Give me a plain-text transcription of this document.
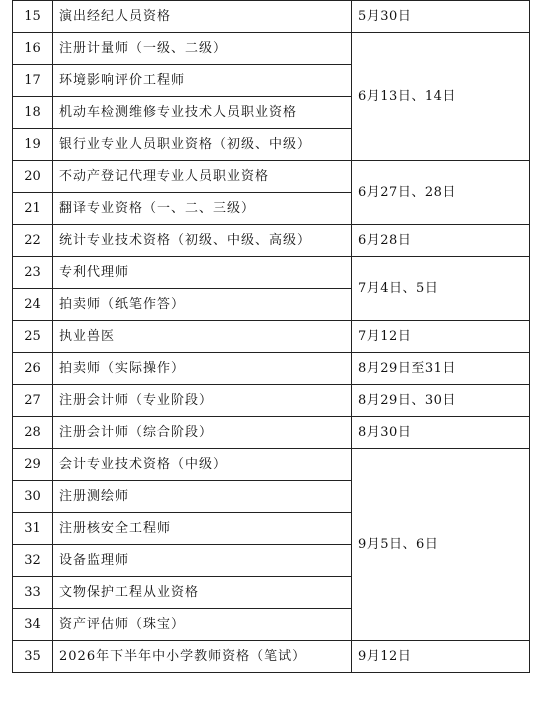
15	演出经纪人员资格	5月30日
16	注册计量师（一级、二级）	6月13日、14日
17	环境影响评价工程师	
18	机动车检测维修专业技术人员职业资格	
19	银行业专业人员职业资格（初级、中级）	
20	不动产登记代理专业人员职业资格	6月27日、28日
21	翻译专业资格（一、二、三级）	
22	统计专业技术资格（初级、中级、高级）	6月28日
23	专利代理师	7月4日、5日
24	拍卖师（纸笔作答）	
25	执业兽医	7月12日
26	拍卖师（实际操作）	8月29日至31日
27	注册会计师（专业阶段）	8月29日、30日
28	注册会计师（综合阶段）	8月30日
29	会计专业技术资格（中级）	9月5日、6日
30	注册测绘师	
31	注册核安全工程师	
32	设备监理师	
33	文物保护工程从业资格	
34	资产评估师（珠宝）	
35	2026年下半年中小学教师资格（笔试）	9月12日
